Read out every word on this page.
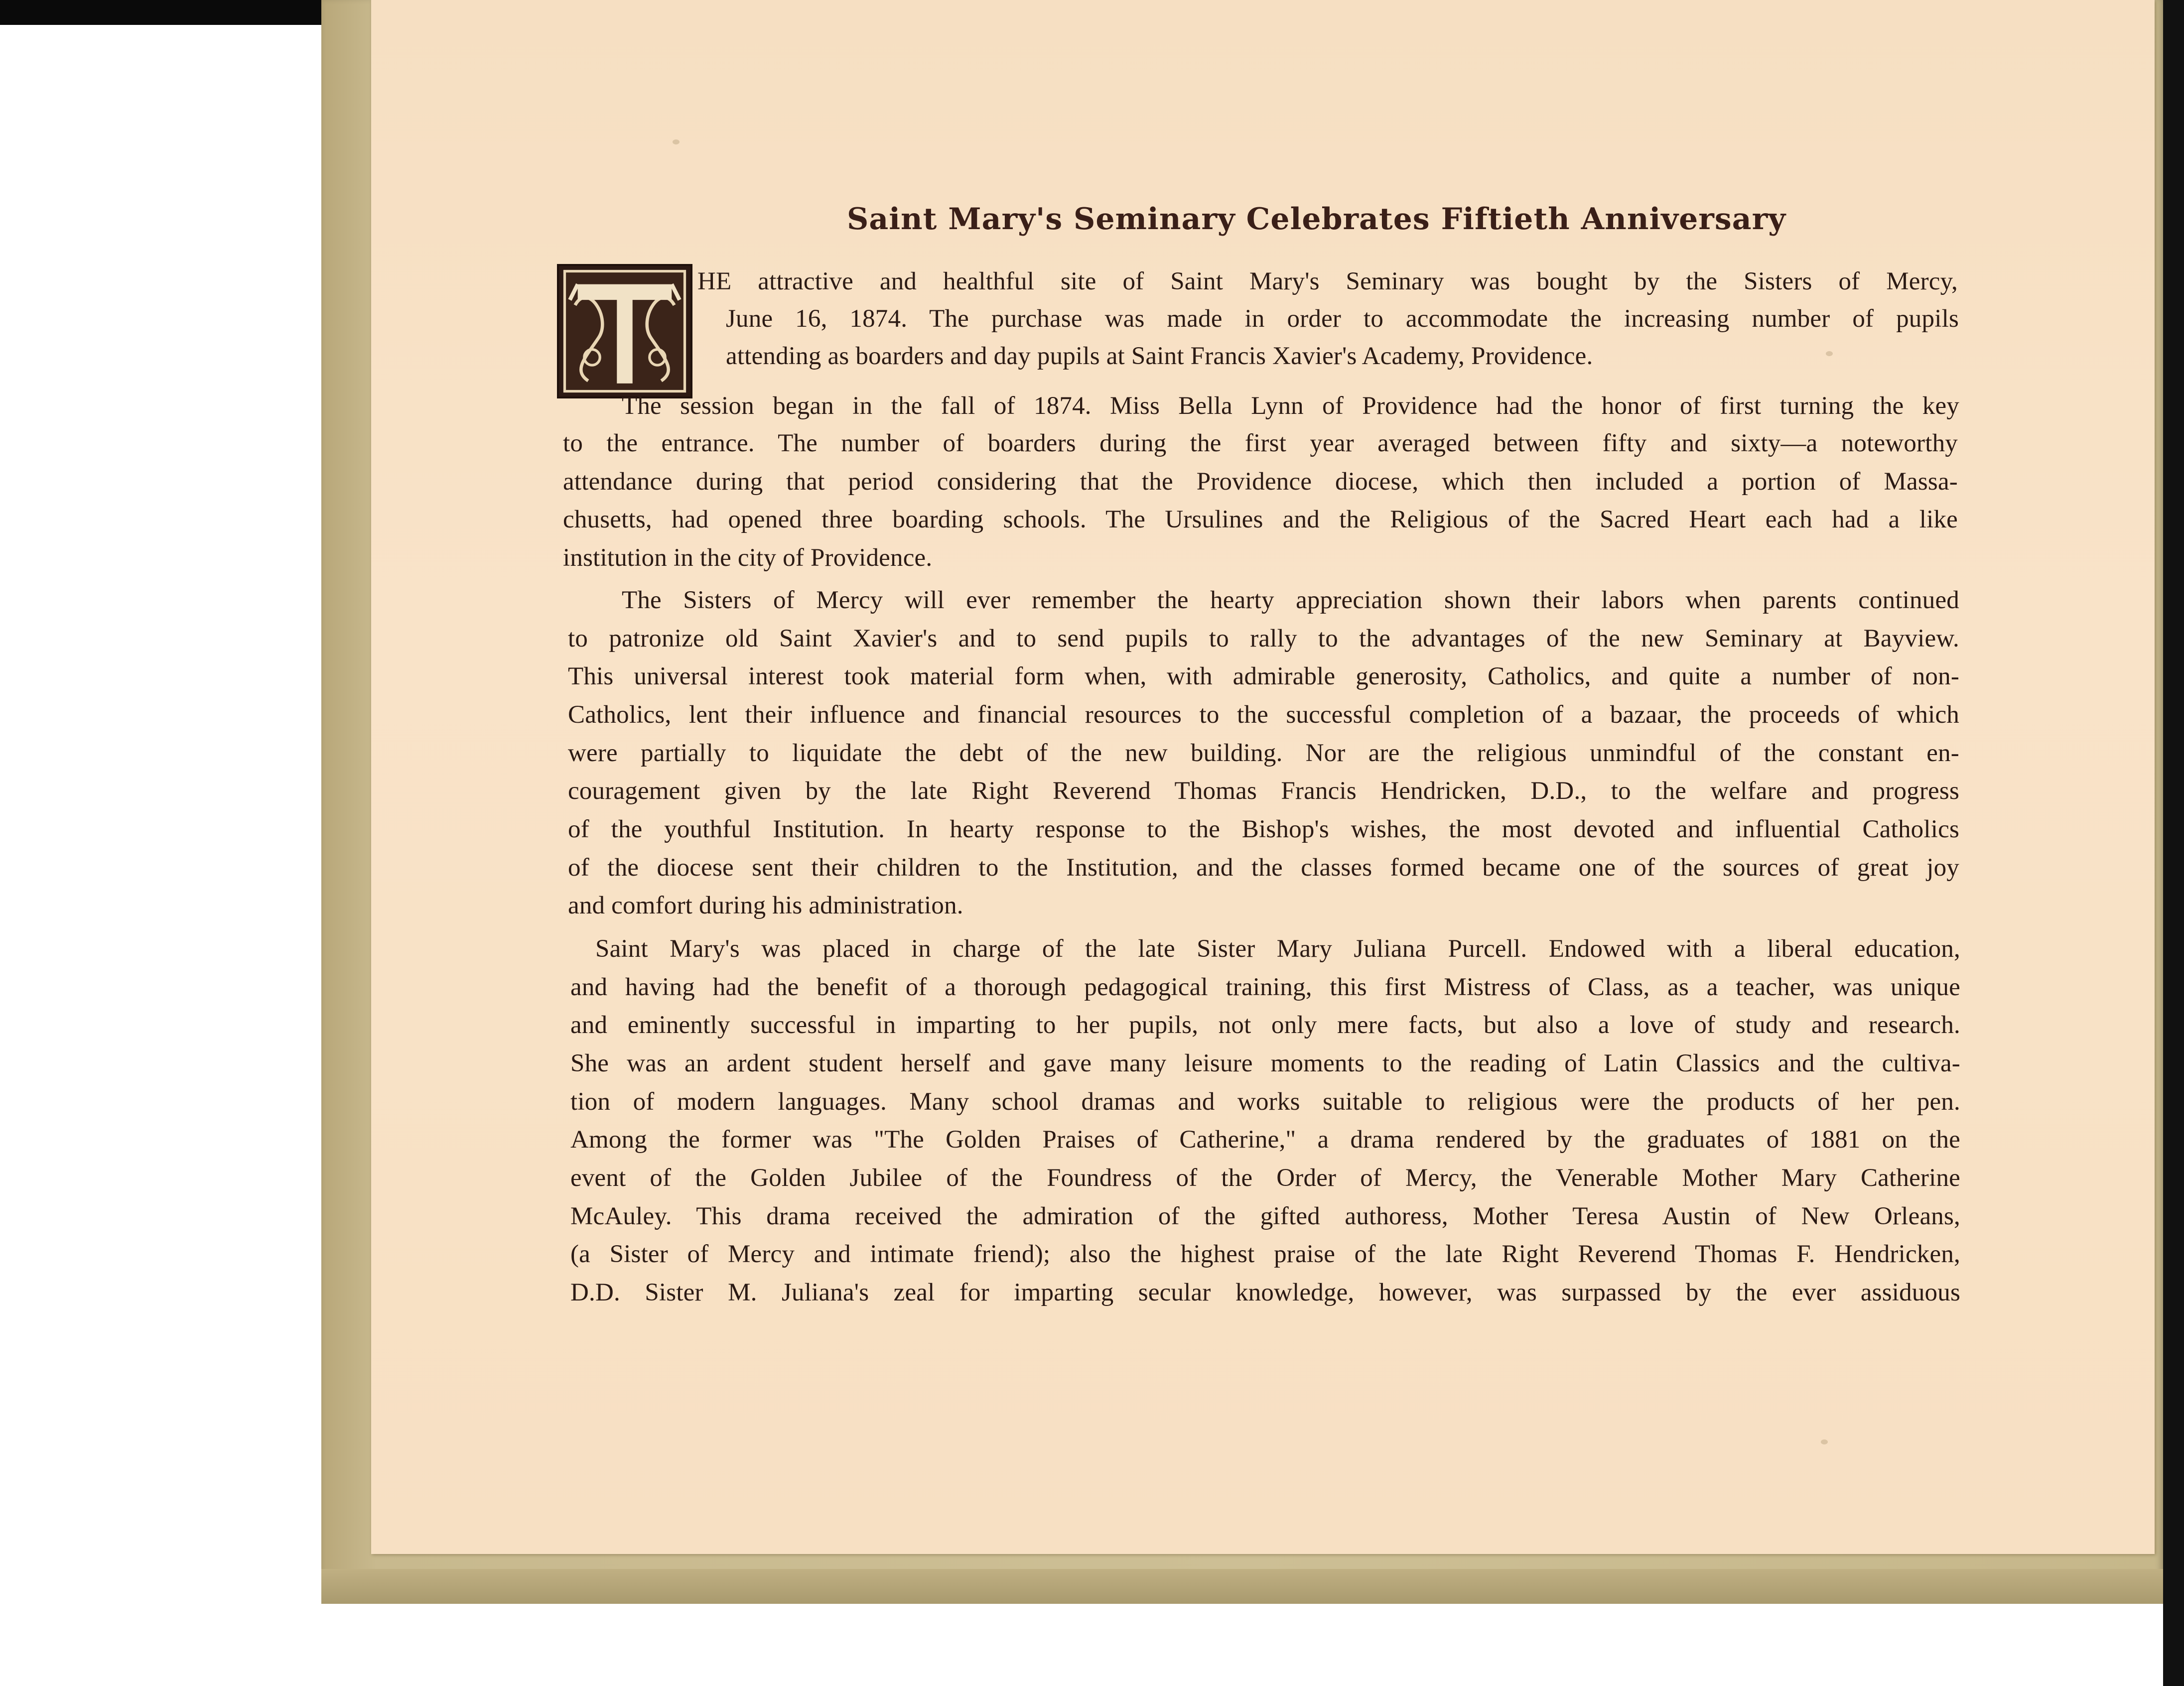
Saint Mary's Seminary Celebrates Fiftieth Anniversary
HE attractive and healthful site of Saint Mary's Seminary was bought by the Sisters of Mercy,
June 16, 1874. The purchase was made in order to accommodate the increasing number of pupils
attending as boarders and day pupils at Saint Francis Xavier's Academy, Providence.
The session began in the fall of 1874. Miss Bella Lynn of Providence had the honor of first turning the key
to the entrance. The number of boarders during the first year averaged between fifty and sixty—a noteworthy
attendance during that period considering that the Providence diocese, which then included a portion of Massa-
chusetts, had opened three boarding schools. The Ursulines and the Religious of the Sacred Heart each had a like
institution in the city of Providence.
The Sisters of Mercy will ever remember the hearty appreciation shown their labors when parents continued
to patronize old Saint Xavier's and to send pupils to rally to the advantages of the new Seminary at Bayview.
This universal interest took material form when, with admirable generosity, Catholics, and quite a number of non-
Catholics, lent their influence and financial resources to the successful completion of a bazaar, the proceeds of which
were partially to liquidate the debt of the new building. Nor are the religious unmindful of the constant en-
couragement given by the late Right Reverend Thomas Francis Hendricken, D.D., to the welfare and progress
of the youthful Institution. In hearty response to the Bishop's wishes, the most devoted and influential Catholics
of the diocese sent their children to the Institution, and the classes formed became one of the sources of great joy
and comfort during his administration.
Saint Mary's was placed in charge of the late Sister Mary Juliana Purcell. Endowed with a liberal education,
and having had the benefit of a thorough pedagogical training, this first Mistress of Class, as a teacher, was unique
and eminently successful in imparting to her pupils, not only mere facts, but also a love of study and research.
She was an ardent student herself and gave many leisure moments to the reading of Latin Classics and the cultiva-
tion of modern languages. Many school dramas and works suitable to religious were the products of her pen.
Among the former was "The Golden Praises of Catherine," a drama rendered by the graduates of 1881 on the
event of the Golden Jubilee of the Foundress of the Order of Mercy, the Venerable Mother Mary Catherine
McAuley. This drama received the admiration of the gifted authoress, Mother Teresa Austin of New Orleans,
(a Sister of Mercy and intimate friend); also the highest praise of the late Right Reverend Thomas F. Hendricken,
D.D. Sister M. Juliana's zeal for imparting secular knowledge, however, was surpassed by the ever assiduous
